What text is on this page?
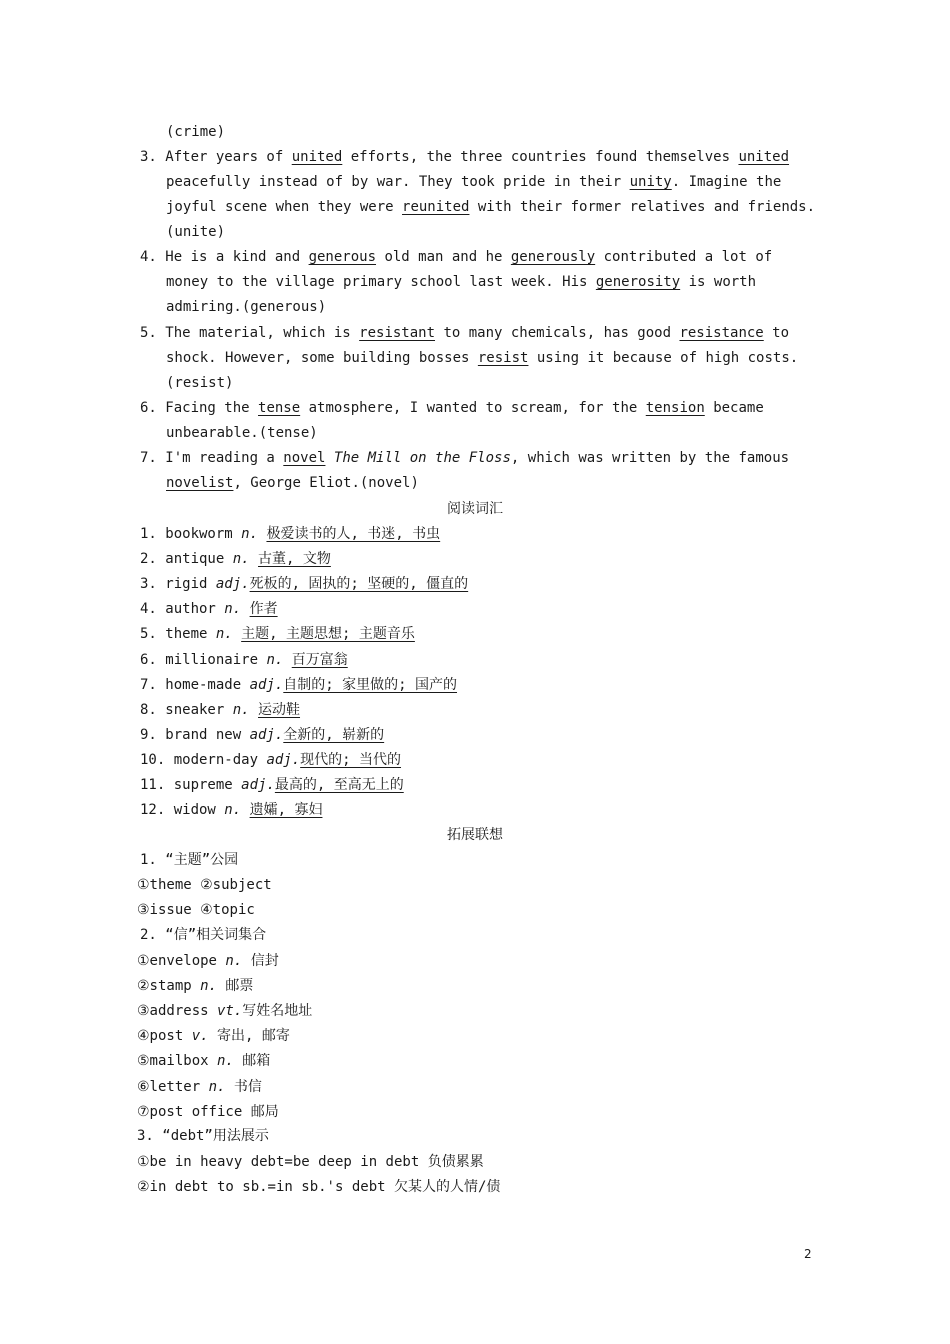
(crime)
3. After years of united efforts, the three countries found themselves united
peacefully instead of by war. They took pride in their unity. Imagine the
joyful scene when they were reunited with their former relatives and friends.
(unite)
4. He is a kind and generous old man and he generously contributed a lot of
money to the village primary school last week. His generosity is worth
admiring.(generous)
5. The material, which is resistant to many chemicals, has good resistance to
shock. However, some building bosses resist using it because of high costs.
(resist)
6. Facing the tense atmosphere, I wanted to scream, for the tension became
unbearable.(tense)
7. I'm reading a novel The Mill on the Floss, which was written by the famous
novelist, George Eliot.(novel)
阅读词汇
1. bookworm n. 极爱读书的人, 书迷, 书虫
2. antique n. 古董, 文物
3. rigid adj.死板的, 固执的; 坚硬的, 僵直的
4. author n. 作者
5. theme n. 主题, 主题思想; 主题音乐
6. millionaire n. 百万富翁
7. home-made adj.自制的; 家里做的; 国产的
8. sneaker n. 运动鞋
9. brand new adj.全新的, 崭新的
10. modern-day adj.现代的; 当代的
11. supreme adj.最高的, 至高无上的
12. widow n. 遗孀, 寡妇
拓展联想
1. “主题”公园
①theme ②subject
③issue ④topic
2. “信”相关词集合
①envelope n. 信封
②stamp n. 邮票
③address vt.写姓名地址
④post v. 寄出, 邮寄
⑤mailbox n. 邮箱
⑥letter n. 书信
⑦post office 邮局
3. “debt”用法展示
①be in heavy debt=be deep in debt 负债累累
②in debt to sb.=in sb.'s debt 欠某人的人情/债
2
